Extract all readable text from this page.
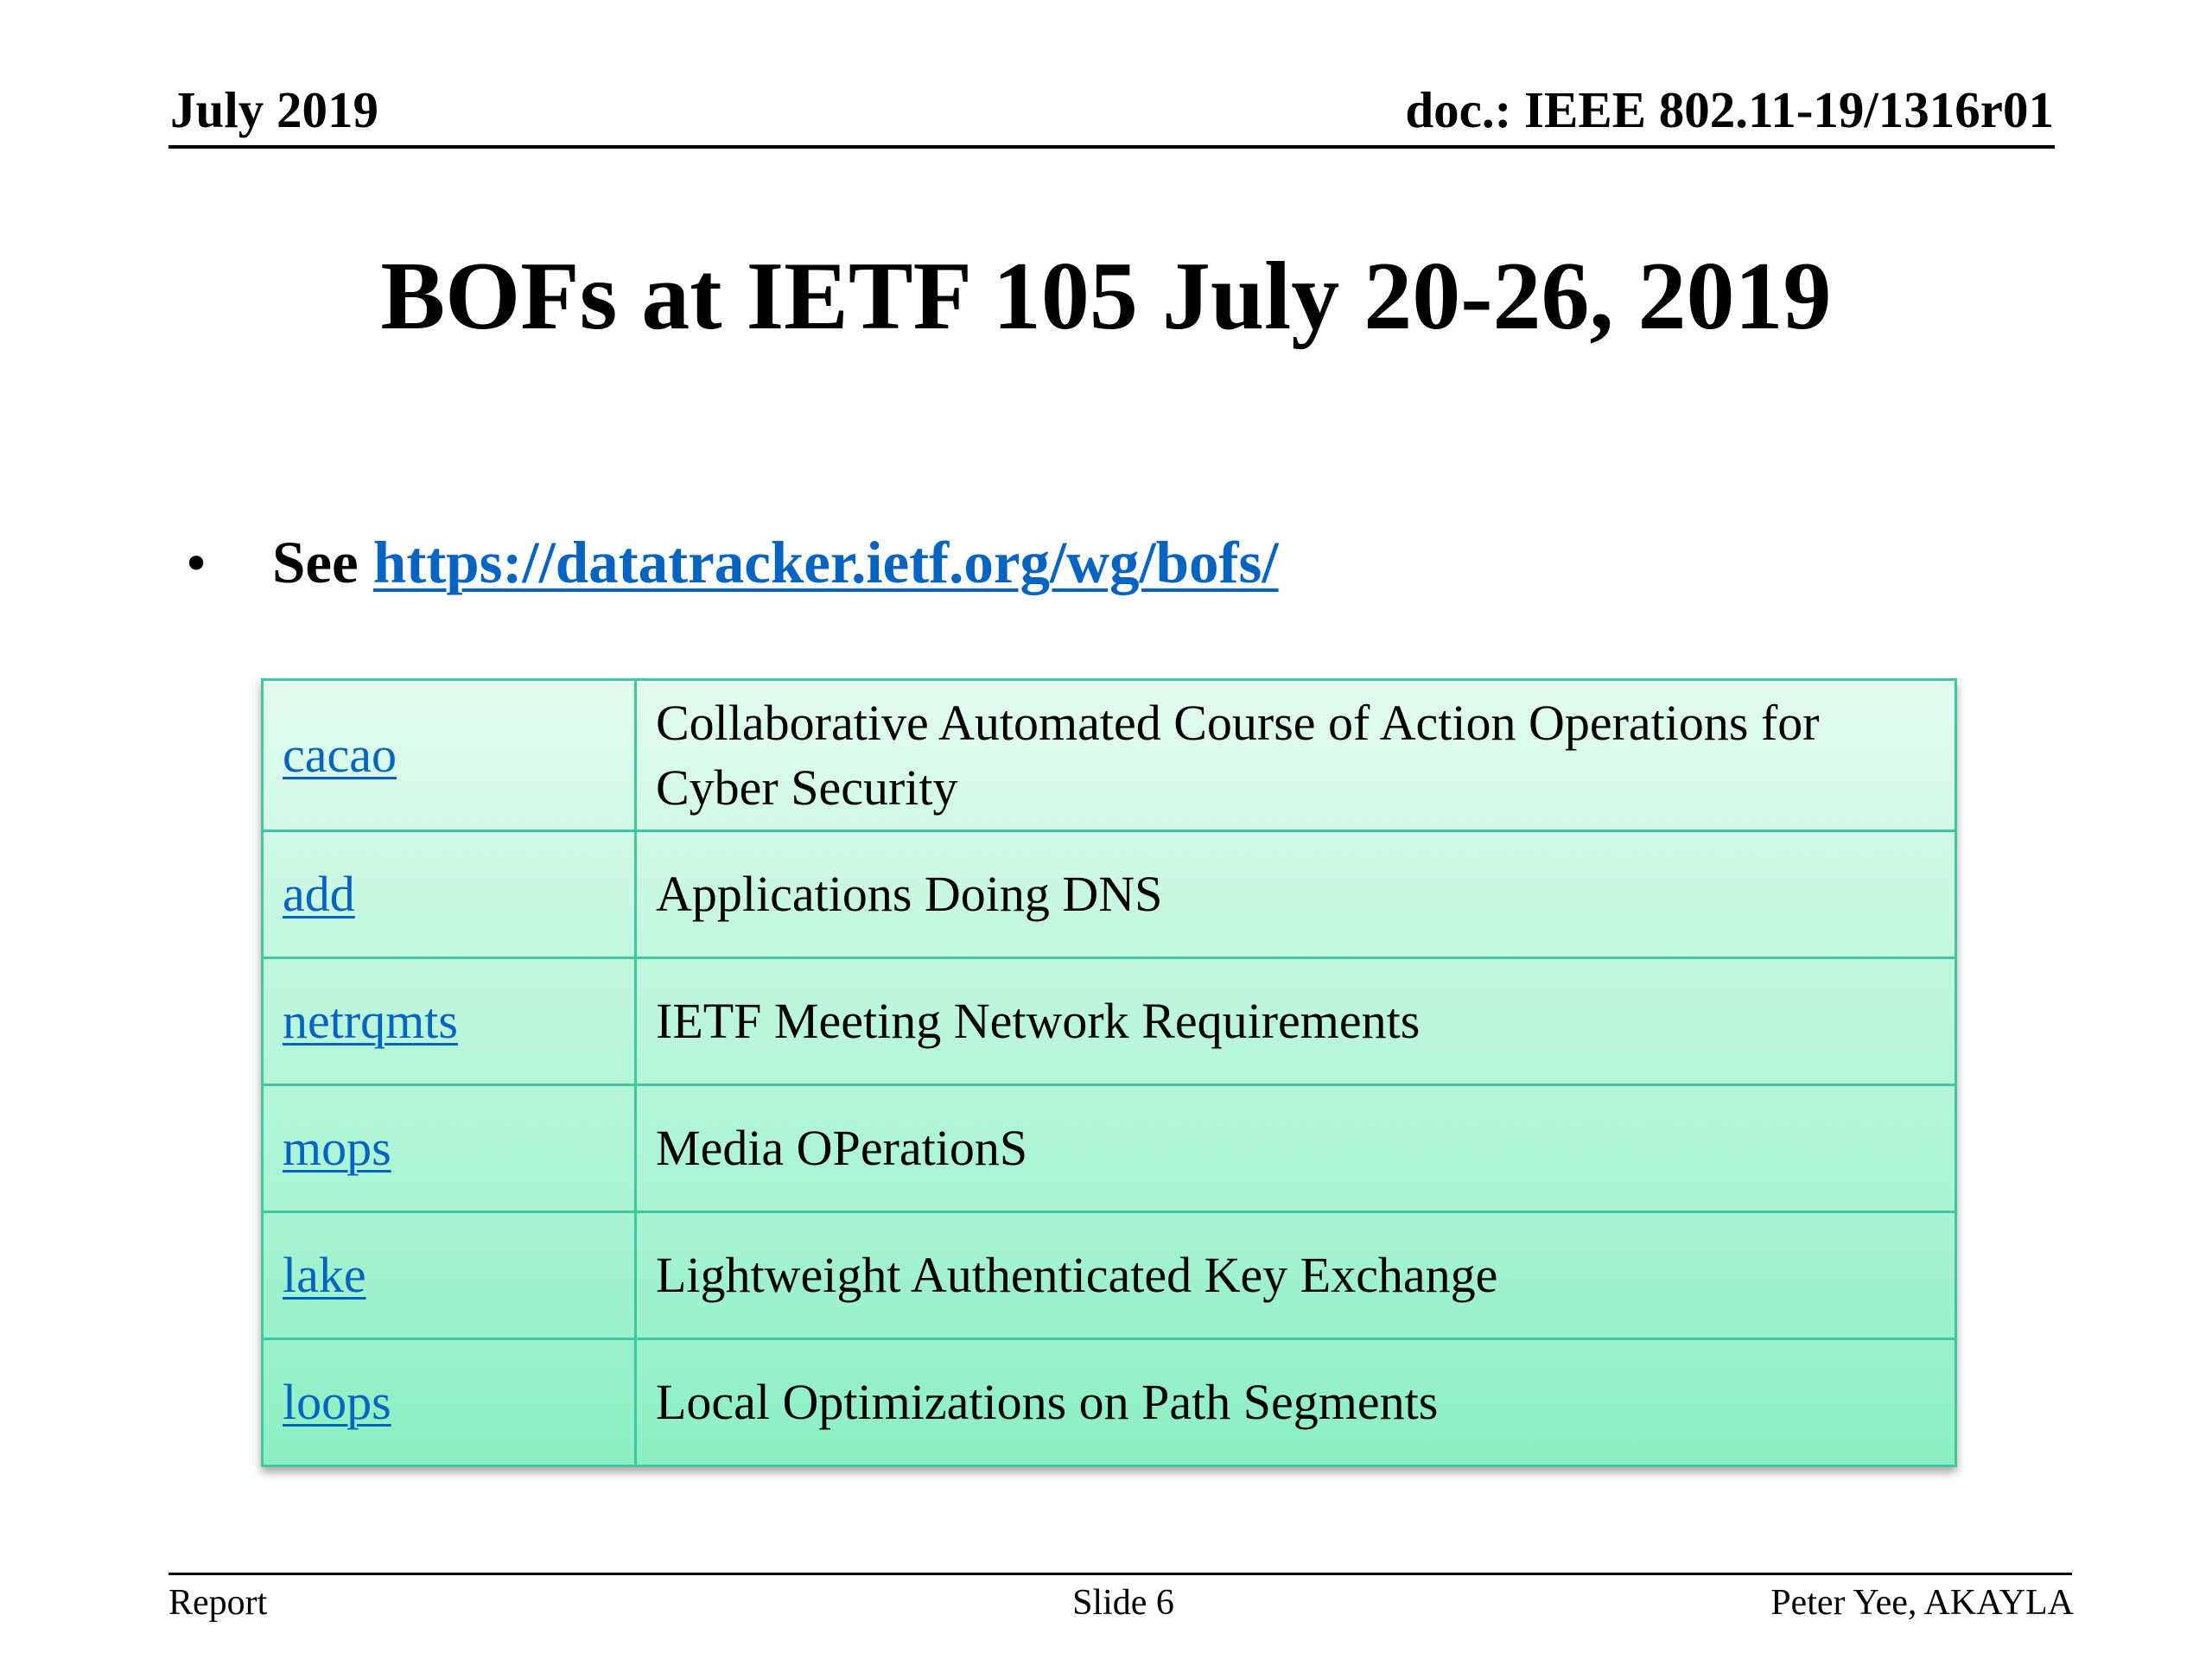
July 2019	doc.: IEEE 802.11-19/1316r01
BOFs at IETF 105 July 20-26, 2019
• See https://datatracker.ietf.org/wg/bofs/
cacao	Collaborative Automated Course of Action Operations for Cyber Security
add	Applications Doing DNS
netrqmts	IETF Meeting Network Requirements
mops	Media OPerationS
lake	Lightweight Authenticated Key Exchange
loops	Local Optimizations on Path Segments
Report	Slide 6	Peter Yee, AKAYLA
